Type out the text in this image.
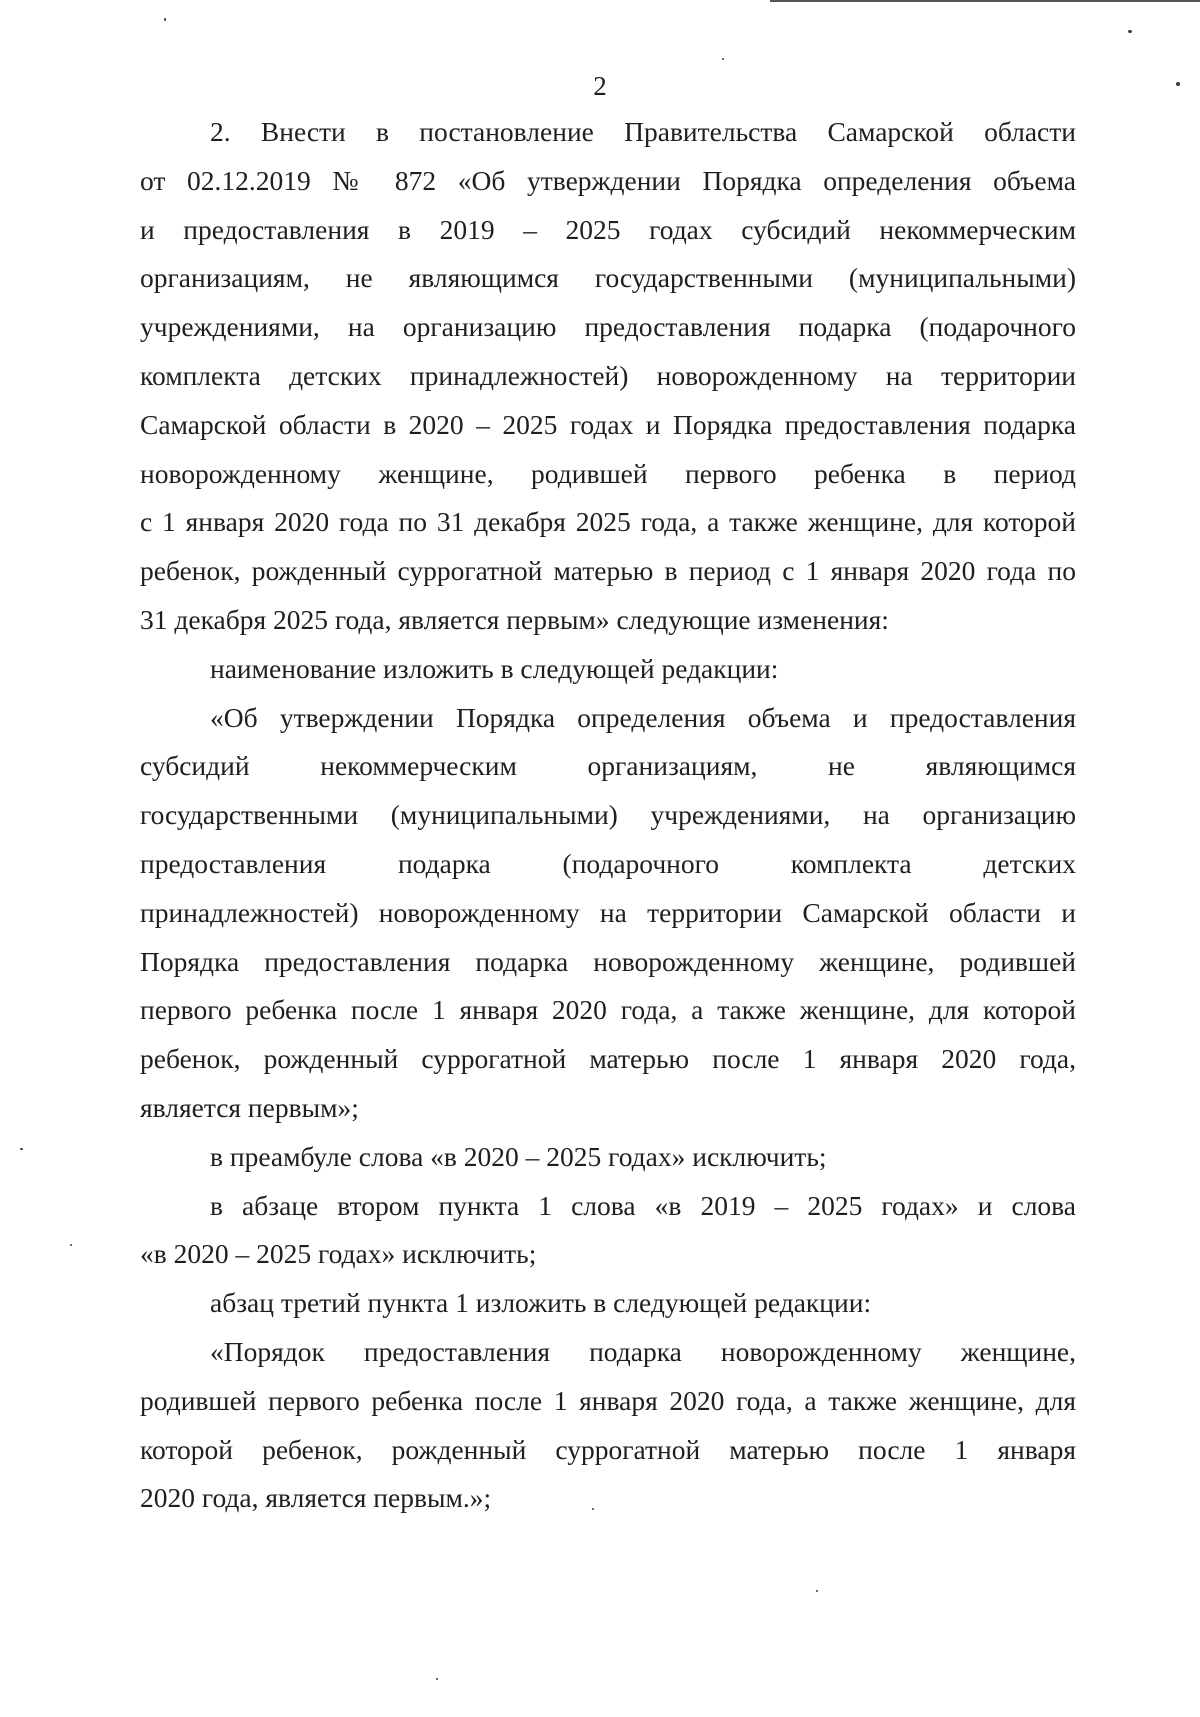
2
2. Внести в постановление Правительства Самарской области
от 02.12.2019 № 872 «Об утверждении Порядка определения объема
и предоставления в 2019 – 2025 годах субсидий некоммерческим
организациям, не являющимся государственными (муниципальными)
учреждениями, на организацию предоставления подарка (подарочного
комплекта детских принадлежностей) новорожденному на территории
Самарской области в 2020 – 2025 годах и Порядка предоставления подарка
новорожденному женщине, родившей первого ребенка в период
с 1 января 2020 года по 31 декабря 2025 года, а также женщине, для которой
ребенок, рожденный суррогатной матерью в период с 1 января 2020 года по
31 декабря 2025 года, является первым» следующие изменения:
наименование изложить в следующей редакции:
«Об утверждении Порядка определения объема и предоставления
субсидий некоммерческим организациям, не являющимся
государственными (муниципальными) учреждениями, на организацию
предоставления подарка (подарочного комплекта детских
принадлежностей) новорожденному на территории Самарской области и
Порядка предоставления подарка новорожденному женщине, родившей
первого ребенка после 1 января 2020 года, а также женщине, для которой
ребенок, рожденный суррогатной матерью после 1 января 2020 года,
является первым»;
в преамбуле слова «в 2020 – 2025 годах» исключить;
в абзаце втором пункта 1 слова «в 2019 – 2025 годах» и слова
«в 2020 – 2025 годах» исключить;
абзац третий пункта 1 изложить в следующей редакции:
«Порядок предоставления подарка новорожденному женщине,
родившей первого ребенка после 1 января 2020 года, а также женщине, для
которой ребенок, рожденный суррогатной матерью после 1 января
2020 года, является первым.»;
